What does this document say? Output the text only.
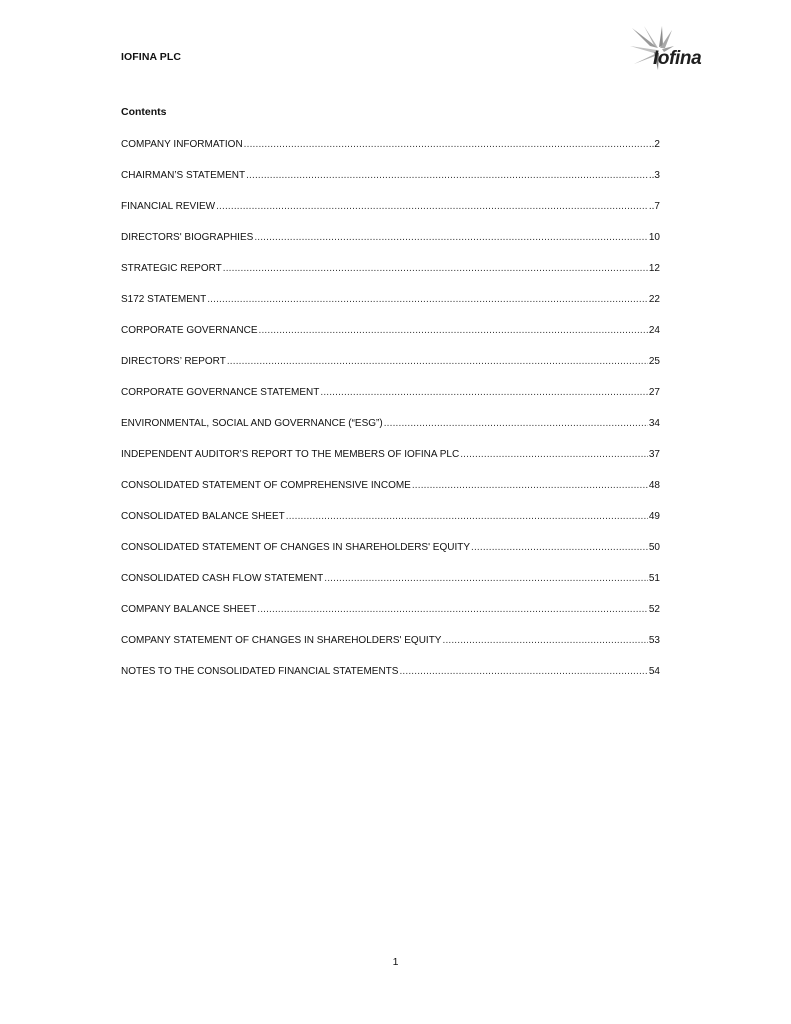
IOFINA PLC	Iofina
Contents
COMPANY INFORMATION . . .	..2
CHAIRMAN’S STATEMENT . . .	..3
FINANCIAL REVIEW . . .	..7
DIRECTORS' BIOGRAPHIES . . .	10
STRATEGIC REPORT . . .	12
S172 STATEMENT . . .	22
CORPORATE GOVERNANCE . . .	24
DIRECTORS’ REPORT . . .	25
CORPORATE GOVERNANCE STATEMENT . . .	27
ENVIRONMENTAL, SOCIAL AND GOVERNANCE (“ESG”) . . .	34
INDEPENDENT AUDITOR’S REPORT TO THE MEMBERS OF IOFINA PLC . . .	37
CONSOLIDATED STATEMENT OF COMPREHENSIVE INCOME . . .	48
CONSOLIDATED BALANCE SHEET . . .	49
CONSOLIDATED STATEMENT OF CHANGES IN SHAREHOLDERS' EQUITY . . .	50
CONSOLIDATED CASH FLOW STATEMENT . . .	51
COMPANY BALANCE SHEET . . .	52
COMPANY STATEMENT OF CHANGES IN SHAREHOLDERS' EQUITY . . .	53
NOTES TO THE CONSOLIDATED FINANCIAL STATEMENTS . . .	54
1
